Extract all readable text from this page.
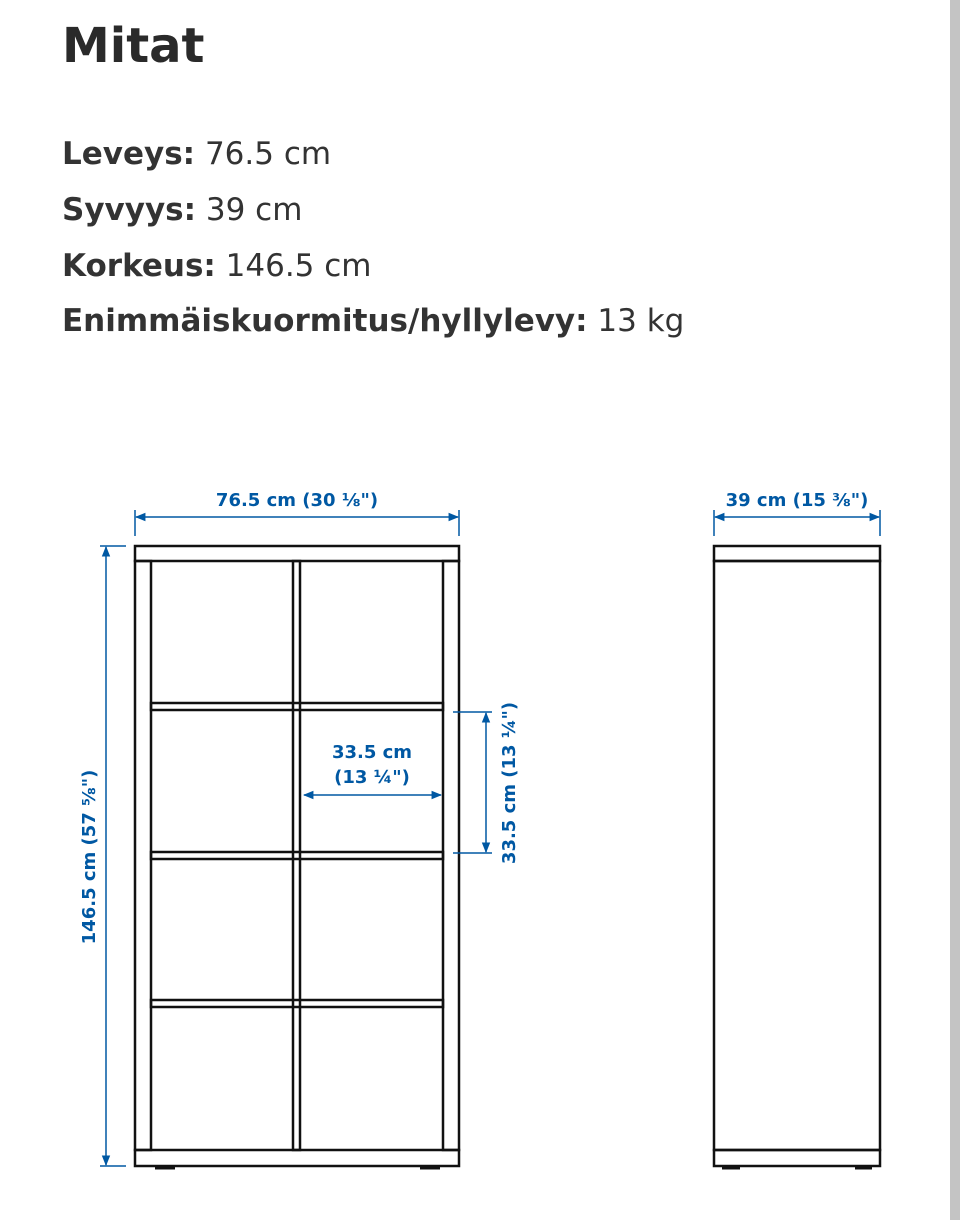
Mitat
Leveys: 76.5 cm
Syvyys: 39 cm
Korkeus: 146.5 cm
Enimmäiskuormitus/hyllylevy: 13 kg
76.5 cm (30 ⅛")
146.5 cm (57 ⅝")
33.5 cm
(13 ¼")	33.5 cm (13 ¼")
39 cm (15 ⅜")
